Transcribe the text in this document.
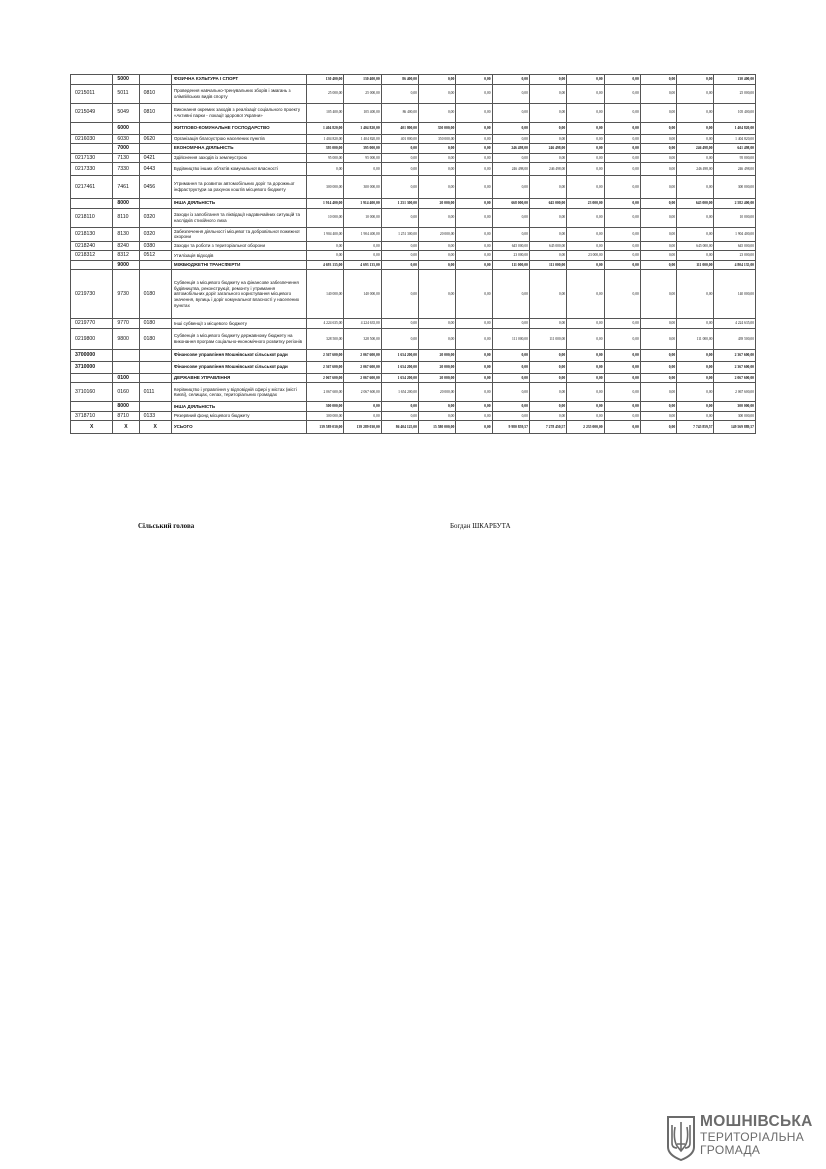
	5000		ФІЗИЧНА КУЛЬТУРА І СПОРТ	130 400,00	130 400,00	86 400,00	0,00	0,00	0,00	0,00	0,00	0,00	0,00	0,00	130 400,00
0215011	5011	0810	Проведення навчально-тренувальних зборів і змагань з олімпійських видів спорту	25 000,00	25 000,00	0,00	0,00	0,00	0,00	0,00	0,00	0,00	0,00	0,00	25 000,00
0215049	5049	0810	Виконання окремих заходів з реалізації соціального проекту «Активні парки - локації здорової України»	105 400,00	105 400,00	86 400,00	0,00	0,00	0,00	0,00	0,00	0,00	0,00	0,00	105 400,00
	6000		ЖИТЛОВО-КОМУНАЛЬНЕ ГОСПОДАРСТВО	1 404 820,00	1 404 820,00	401 800,00	350 000,00	0,00	0,00	0,00	0,00	0,00	0,00	0,00	1 404 820,00
0216030	6030	0620	Організація благоустрою населених пунктів	1 404 820,00	1 404 820,00	401 800,00	350 000,00	0,00	0,00	0,00	0,00	0,00	0,00	0,00	1 404 820,00
	7000		ЕКОНОМІЧНА ДІЯЛЬНІСТЬ	395 000,00	395 000,00	0,00	0,00	0,00	246 498,00	246 498,00	0,00	0,00	0,00	246 498,00	641 498,00
0217130	7130	0421	Здійснення заходів із землеустрою	95 000,00	95 000,00	0,00	0,00	0,00	0,00	0,00	0,00	0,00	0,00	0,00	95 000,00
0217330	7330	0443	Будівництво інших об'єктів комунальної власності	0,00	0,00	0,00	0,00	0,00	246 498,00	246 498,00	0,00	0,00	0,00	246 498,00	246 498,00
0217461	7461	0456	Утримання та розвиток автомобільних доріг та дорожньої інфраструктури за рахунок коштів місцевого бюджету	300 000,00	300 000,00	0,00	0,00	0,00	0,00	0,00	0,00	0,00	0,00	0,00	300 000,00
	8000		ІНША ДІЯЛЬНІСТЬ	1 914 400,00	1 914 400,00	1 251 300,00	20 000,00	0,00	668 000,00	645 000,00	23 000,00	0,00	0,00	645 000,00	2 582 400,00
0218110	8110	0320	Заходи із запобігання та ліквідації надзвичайних ситуацій та наслідків стихійного лиха	10 000,00	10 000,00	0,00	0,00	0,00	0,00	0,00	0,00	0,00	0,00	0,00	10 000,00
0218130	8130	0320	Забезпечення діяльності місцевої та добровільної пожежної охорони	1 904 400,00	1 904 400,00	1 251 300,00	20 000,00	0,00	0,00	0,00	0,00	0,00	0,00	0,00	1 904 400,00
0218240	8240	0380	Заходи та роботи з територіальної оборони	0,00	0,00	0,00	0,00	0,00	645 000,00	645 000,00	0,00	0,00	0,00	645 000,00	645 000,00
0218312	8312	0512	Утилізація відходів	0,00	0,00	0,00	0,00	0,00	23 000,00	0,00	23 000,00	0,00	0,00	0,00	23 000,00
	9000		МІЖБЮДЖЕТНІ ТРАНСФЕРТИ	4 693 135,00	4 693 135,00	0,00	0,00	0,00	111 000,00	111 000,00	0,00	0,00	0,00	111 000,00	4 804 135,00
0219730	9730	0180	Субвенція з місцевого бюджету на фінансове забезпечення будівництва, реконструкції, ремонту і утримання автомобільних доріг загального користування місцевого значення, вулиць і доріг комунальної власності у населених пунктах	140 000,00	140 000,00	0,00	0,00	0,00	0,00	0,00	0,00	0,00	0,00	0,00	140 000,00
0219770	9770	0180	Інші субвенції з місцевого бюджету	4 224 635,00	4 224 635,00	0,00	0,00	0,00	0,00	0,00	0,00	0,00	0,00	0,00	4 224 635,00
0219800	9800	0180	Субвенція з місцевого бюджету державному бюджету на виконання програм соціально-економічного розвитку регіонів	328 500,00	328 500,00	0,00	0,00	0,00	111 000,00	111 000,00	0,00	0,00	0,00	111 000,00	439 500,00
3700000			Фінансове управління Мошнівської сільської ради	2 367 600,00	2 067 600,00	1 654 200,00	20 000,00	0,00	0,00	0,00	0,00	0,00	0,00	0,00	2 367 600,00
3710000			Фінансове управління Мошнівської сільської ради	2 367 600,00	2 067 600,00	1 654 200,00	20 000,00	0,00	0,00	0,00	0,00	0,00	0,00	0,00	2 367 600,00
	0100		ДЕРЖАВНЕ УПРАВЛІННЯ	2 067 600,00	2 067 600,00	1 654 200,00	20 000,00	0,00	0,00	0,00	0,00	0,00	0,00	0,00	2 067 600,00
3710160	0160	0111	Керівництво і управління у відповідній сфері у містах (місті Києві), селищах, селах, територіальних громадах	2 067 600,00	2 067 600,00	1 654 200,00	20 000,00	0,00	0,00	0,00	0,00	0,00	0,00	0,00	2 067 600,00
	8000		ІНША ДІЯЛЬНІСТЬ	300 000,00	0,00	0,00	0,00	0,00	0,00	0,00	0,00	0,00	0,00	0,00	300 000,00
3718710	8710	0133	Резервний фонд місцевого бюджету	300 000,00	0,00	0,00	0,00	0,00	0,00	0,00	0,00	0,00	0,00	0,00	300 000,00
X	X	X	УСЬОГО	139 589 030,00	139 289 030,00	86 404 125,00	15 580 000,00	0,00	9 980 859,57	7 278 450,57	2 235 000,00	0,00	0,00	7 745 859,57	149 569 889,57
Сільський голова	Богдан ШКАРБУТА
МОШНІВСЬКА
ТЕРИТОРІАЛЬНА
ГРОМАДА
